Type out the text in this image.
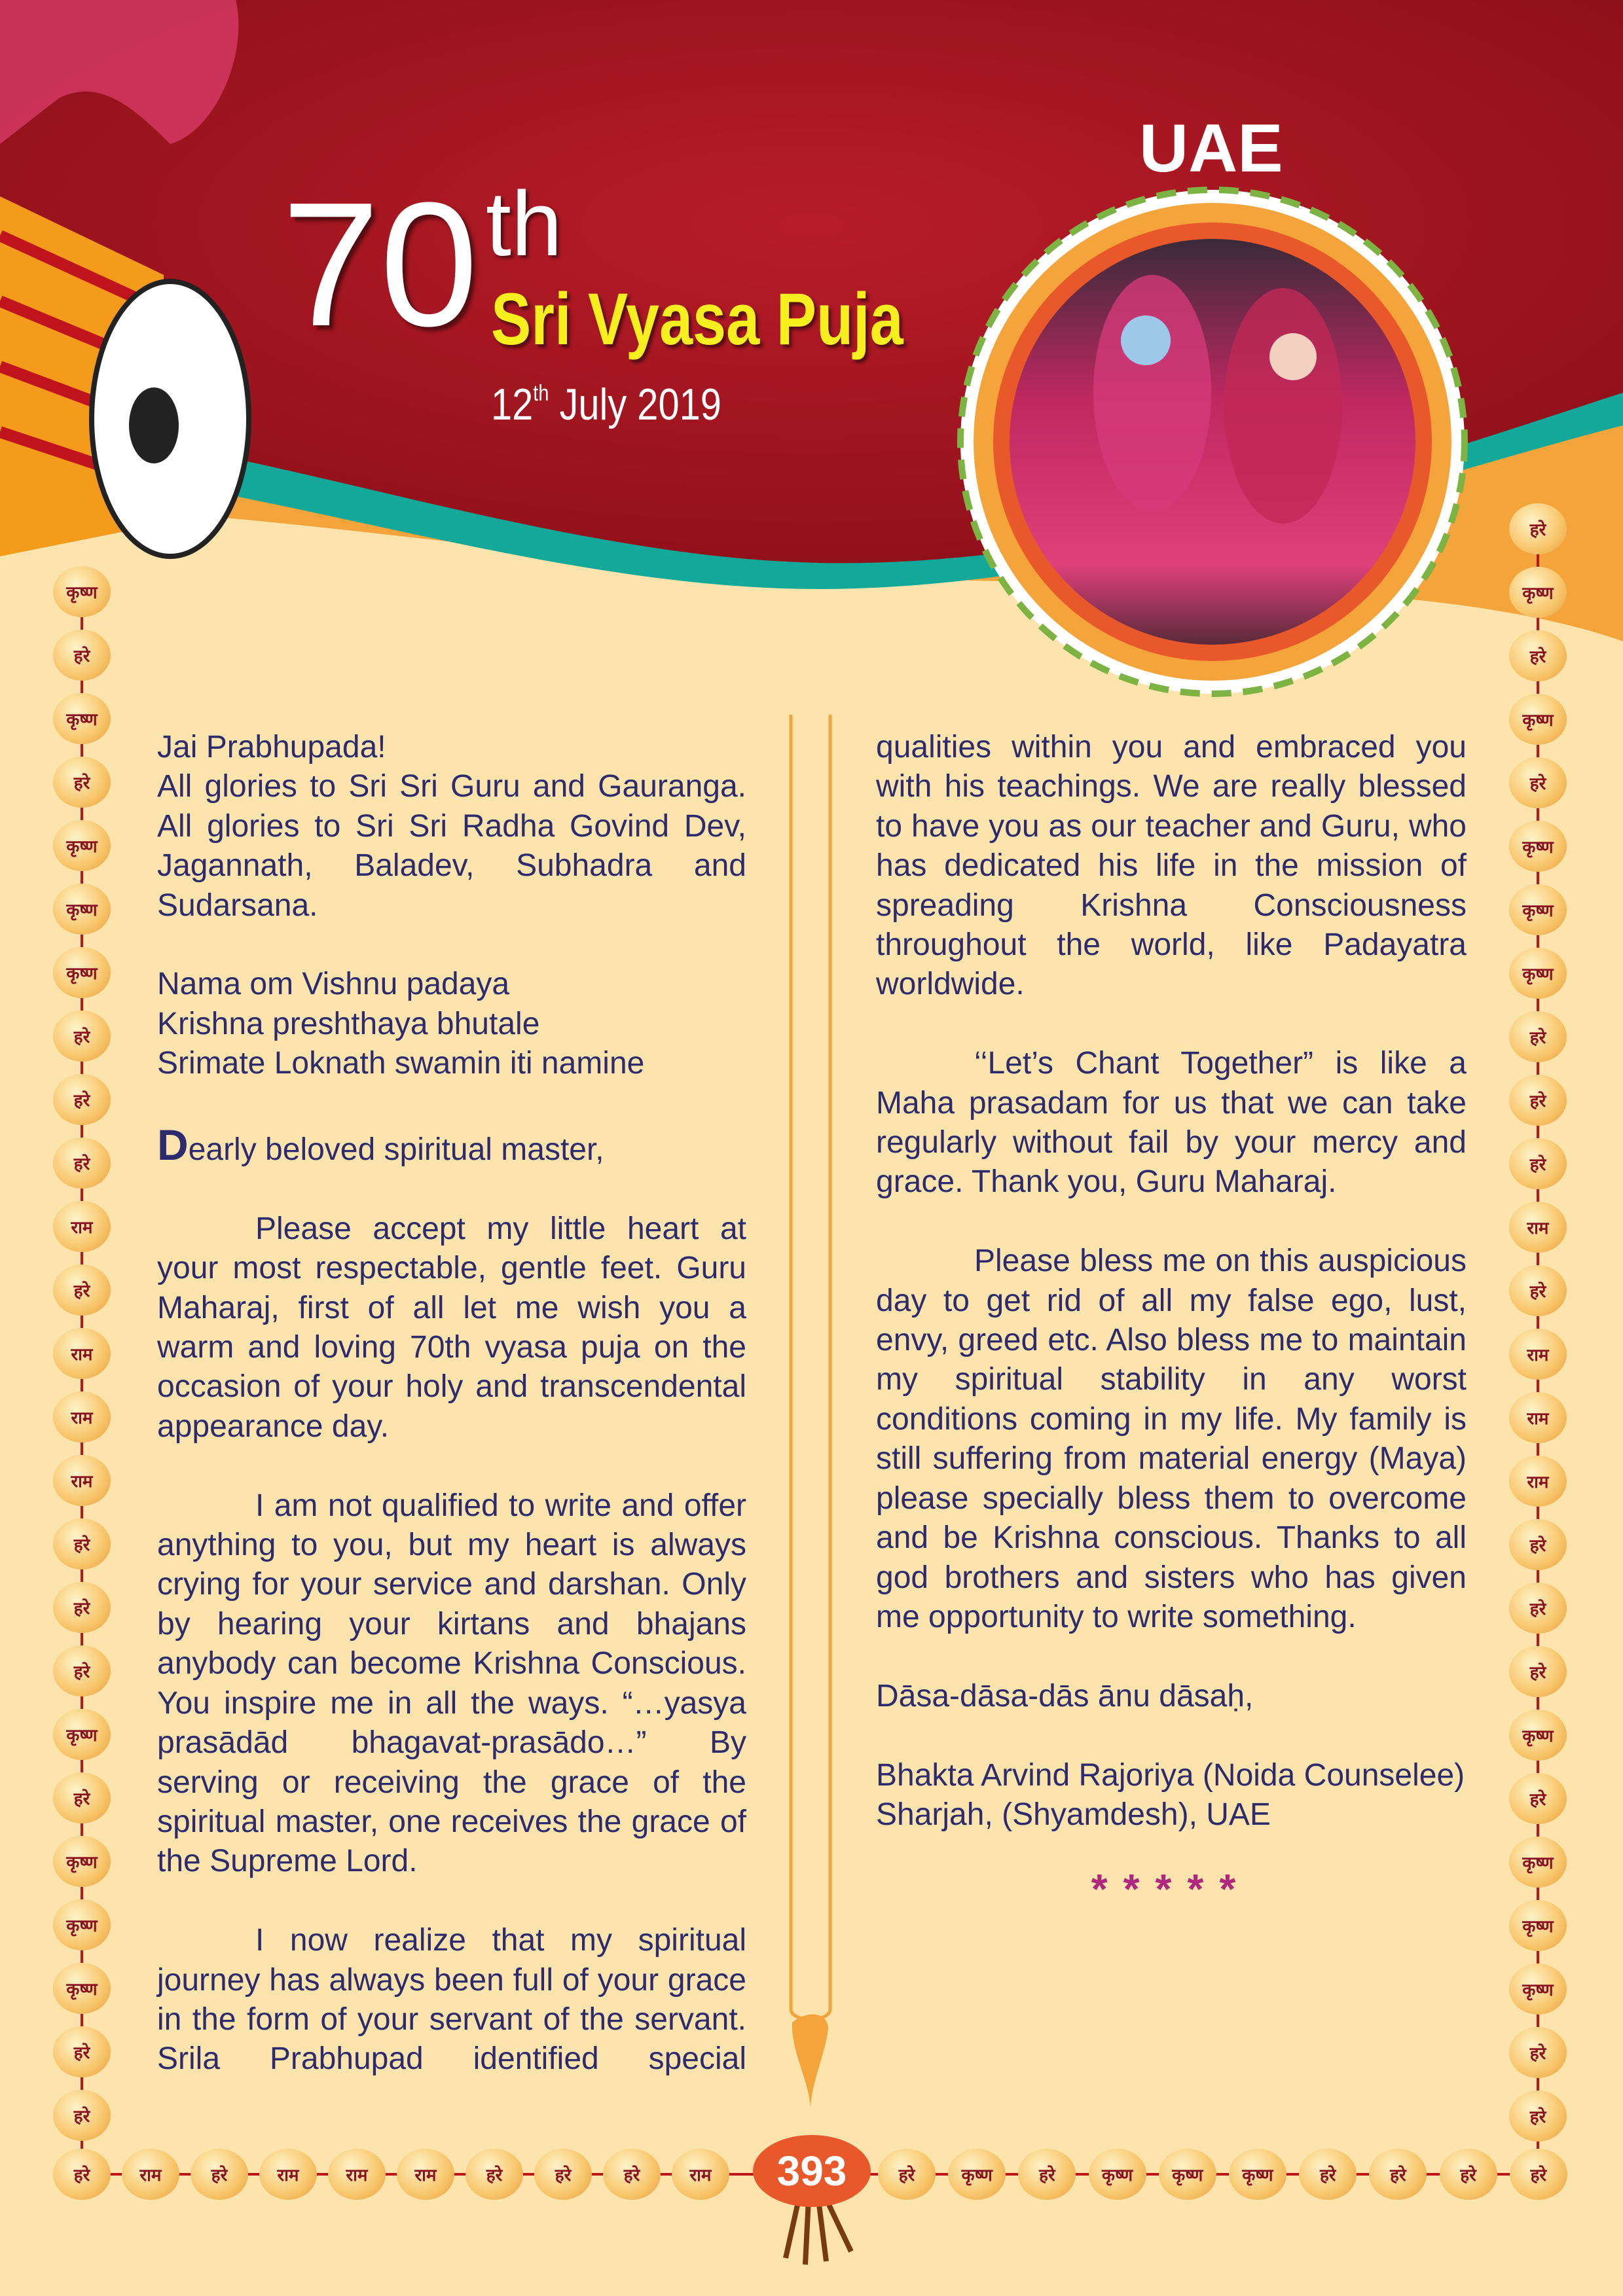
70 th
Sri Vyasa Puja
12th July 2019
UAE
Jai Prabhupada!

All glories to Sri Sri Guru and Gauranga. All glories to Sri Sri Radha Govind Dev, Jagannath, Baladev, Subhadra and Sudarsana.

Nama om Vishnu padaya
Krishna preshthaya bhutale

Srimate Loknath swamin iti namine

Dearly beloved spiritual master,

Please accept my little heart at your most respectable, gentle feet. Guru Maharaj, first of all let me wish you a warm and loving 70th vyasa puja on the occasion of your holy and transcendental appearance day.

I am not qualified to write and offer anything to you, but my heart is always crying for your service and darshan. Only by hearing your kirtans and bhajans anybody can become Krishna Conscious. You inspire me in all the ways. “…yasya prasādād bhagavat-prasādo…” By serving or receiving the grace of the spiritual master, one receives the grace of the Supreme Lord.

I now realize that my spiritual journey has always been full of your grace in the form of your servant of the servant. Srila Prabhupad identified special

qualities within you and embraced you with his teachings. We are really blessed to have you as our teacher and Guru, who has dedicated his life in the mission of spreading Krishna Consciousness throughout the world, like Padayatra worldwide.

‘‘Let’s Chant Together” is like a Maha prasadam for us that we can take regularly without fail by your mercy and grace. Thank you, Guru Maharaj.

Please bless me on this auspicious day to get rid of all my false ego, lust, envy, greed etc. Also bless me to maintain my spiritual stability in any worst conditions coming in my life. My family is still suffering from material energy (Maya) please specially bless them to overcome and be Krishna conscious. Thanks to all god brothers and sisters who has given me opportunity to write something.

Dāsa-dāsa-dās ānu dāsaḥ,

Bhakta Arvind Rajoriya (Noida Counselee)

Sharjah, (Shyamdesh), UAE

*****
कृष्ण
हरे
कृष्ण
हरे
कृष्ण
कृष्ण
कृष्ण
हरे
हरे
हरे
राम
हरे
राम
राम
राम
हरे
हरे
हरे
कृष्ण
हरे
कृष्ण
कृष्ण
कृष्ण
हरे
हरे
हरे
कृष्ण
हरे
कृष्ण
हरे
कृष्ण
कृष्ण
कृष्ण
हरे
हरे
हरे
राम
हरे
राम
राम
राम
हरे
हरे
हरे
कृष्ण
हरे
कृष्ण
कृष्ण
कृष्ण
हरे
हरे
हरे	राम	हरे	राम	राम	राम	हरे	हरे	हरे	राम	हरे	कृष्ण	हरे	कृष्ण	कृष्ण	कृष्ण	हरे	हरे	हरे	हरे
393
